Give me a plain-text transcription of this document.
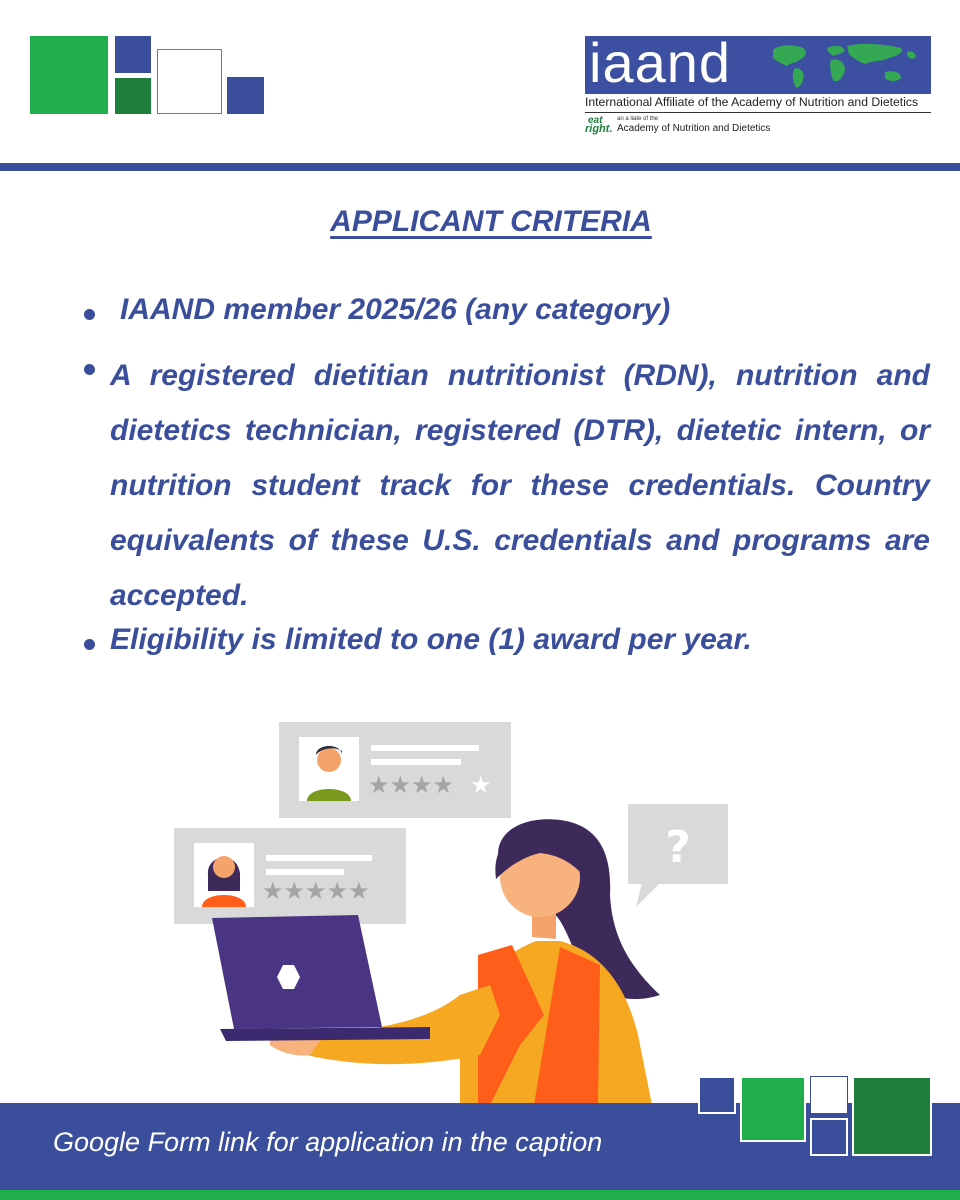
iaand
International Affiliate of the Academy of Nutrition and Dietetics
eat
right.
an a liate of the
Academy of Nutrition and Dietetics
APPLICANT CRITERIA
IAAND member 2025/26 (any category)
A registered dietitian nutritionist (RDN), nutrition and dietetics technician, registered (DTR), dietetic intern, or nutrition student track for these credentials. Country equivalents of these U.S. credentials and programs are accepted.
Eligibility is limited to one (1) award per year.
★★★★ ★
★★★★★
?
Google Form link for application in the caption
